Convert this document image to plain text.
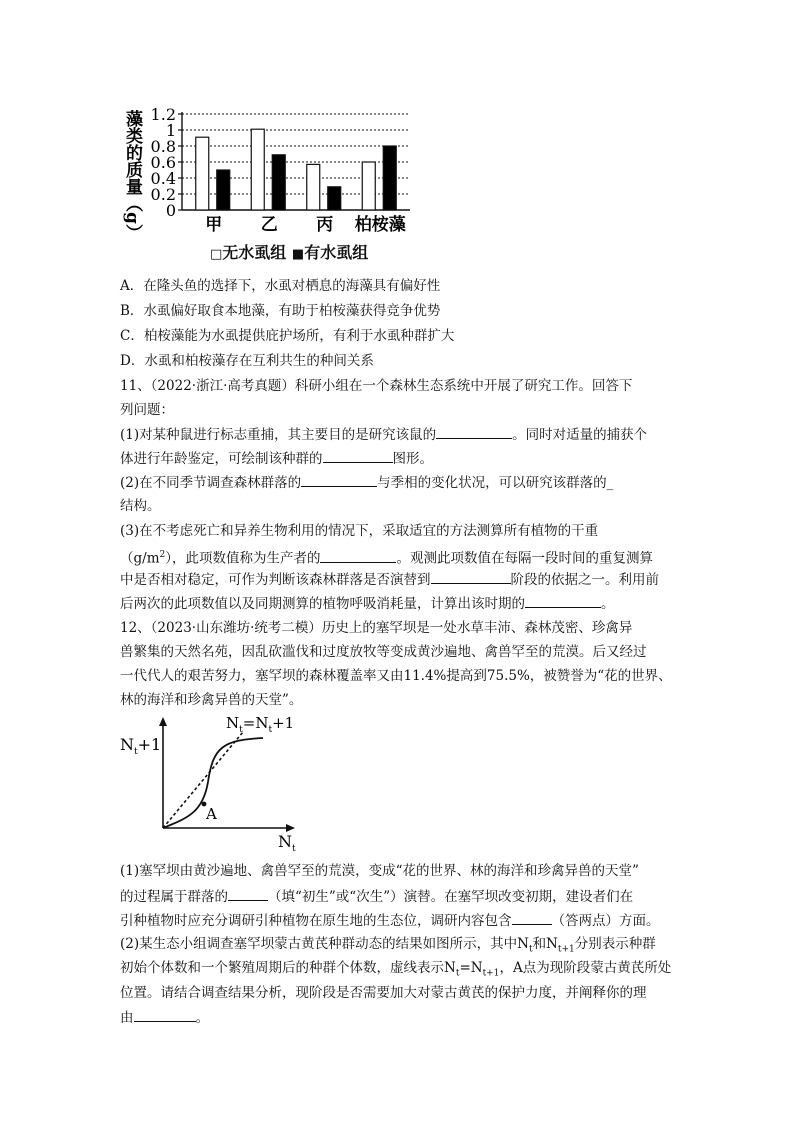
藻类的质量（g） 1.2
1
0.8
0.6
0.4
0.2
0
甲 乙 丙 柏桉藻
□无水虱组 ■有水虱组
A．在隆头鱼的选择下，水虱对栖息的海藻具有偏好性
B．水虱偏好取食本地藻，有助于柏桉藻获得竞争优势
C．柏桉藻能为水虱提供庇护场所，有利于水虱种群扩大
D．水虱和柏桉藻存在互利共生的种间关系
11、（2022·浙江·高考真题）科研小组在一个森林生态系统中开展了研究工作。回答下
列问题：
(1)对某种鼠进行标志重捕，其主要目的是研究该鼠的	。同时对适量的捕获个
体进行年龄鉴定，可绘制该种群的	图形。
(2)在不同季节调查森林群落的	与季相的变化状况，可以研究该群落的_
结构。
(3)在不考虑死亡和异养生物利用的情况下，采取适宜的方法测算所有植物的干重
$(g/m^2)$，此项数值称为生产者的	。观测此项数值在每隔一段时间的重复测算
中是否相对稳定，可作为判断该森林群落是否演替到	阶段的依据之一。利用前
后两次的此项数值以及同期测算的植物呼吸消耗量，计算出该时期的	。
12、（2023·山东潍坊·统考二模）历史上的塞罕坝是一处水草丰沛、森林茂密、珍禽异
兽繁集的天然名苑，因乱砍滥伐和过度放牧等变成黄沙遍地、禽兽罕至的荒漠。后又经过
一代代人的艰苦努力，塞罕坝的森林覆盖率又由11.4%提高到75.5%，被赞誉为“花的世界、
林的海洋和珍禽异兽的天堂”。
A
$N_t+1$
$N_t=N_t+1$
$N_t$
(1)塞罕坝由黄沙遍地、禽兽罕至的荒漠，变成“花的世界、林的海洋和珍禽异兽的天堂”
的过程属于群落的	（填“初生”或“次生”）演替。在塞罕坝改变初期，建设者们在
引种植物时应充分调研引种植物在原生地的生态位，调研内容包含	（答两点）方面。
(2)某生态小组调查塞罕坝蒙古黄芪种群动态的结果如图所示，其中$N_t$和$N_{t+1}$分别表示种群
初始个体数和一个繁殖周期后的种群个体数，虚线表示$N_t=N_{t+1}$，A点为现阶段蒙古黄芪所处
位置。请结合调查结果分析，现阶段是否需要加大对蒙古黄芪的保护力度，并阐释你的理
由	。
